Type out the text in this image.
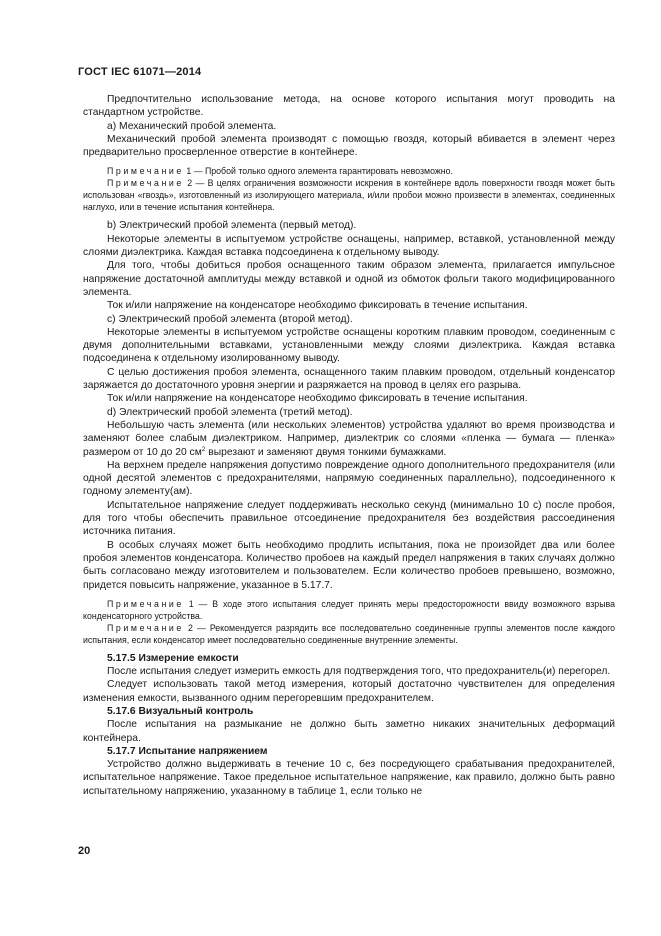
ГОСТ IEC 61071—2014

Предпочтительно использование метода, на основе которого испытания могут проводить на стандартном устройстве.

a) Механический пробой элемента.

Механический пробой элемента производят с помощью гвоздя, который вбивается в элемент через предварительно просверленное отверстие в контейнере.

Примечание 1 — Пробой только одного элемента гарантировать невозможно.

Примечание 2 — В целях ограничения возможности искрения в контейнере вдоль поверхности гвоздя может быть использован «гвоздь», изготовленный из изолирующего материала, и/или пробои можно произвести в элементах, соединенных наглухо, или в течение испытания контейнера.

b) Электрический пробой элемента (первый метод).

Некоторые элементы в испытуемом устройстве оснащены, например, вставкой, установленной между слоями диэлектрика. Каждая вставка подсоединена к отдельному выводу.

Для того, чтобы добиться пробоя оснащенного таким образом элемента, прилагается импульсное напряжение достаточной амплитуды между вставкой и одной из обмоток фольги такого модифицированного элемента.

Ток и/или напряжение на конденсаторе необходимо фиксировать в течение испытания.

c) Электрический пробой элемента (второй метод).

Некоторые элементы в испытуемом устройстве оснащены коротким плавким проводом, соединенным с двумя дополнительными вставками, установленными между слоями диэлектрика. Каждая вставка подсоединена к отдельному изолированному выводу.

С целью достижения пробоя элемента, оснащенного таким плавким проводом, отдельный конденсатор заряжается до достаточного уровня энергии и разряжается на провод в целях его разрыва.

Ток и/или напряжение на конденсаторе необходимо фиксировать в течение испытания.

d) Электрический пробой элемента (третий метод).

Небольшую часть элемента (или нескольких элементов) устройства удаляют во время производства и заменяют более слабым диэлектриком. Например, диэлектрик со слоями «пленка — бумага — пленка» размером от 10 до 20 $см^2$ вырезают и заменяют двумя тонкими бумажками.

На верхнем пределе напряжения допустимо повреждение одного дополнительного предохранителя (или одной десятой элементов с предохранителями, напрямую соединенных параллельно), подсоединенного к годному элементу(ам).

Испытательное напряжение следует поддерживать несколько секунд (минимально 10 с) после пробоя, для того чтобы обеспечить правильное отсоединение предохранителя без воздействия рассоединения источника питания.

В особых случаях может быть необходимо продлить испытания, пока не произойдет два или более пробоя элементов конденсатора. Количество пробоев на каждый предел напряжения в таких случаях должно быть согласовано между изготовителем и пользователем. Если количество пробоев превышено, возможно, придется повысить напряжение, указанное в 5.17.7.

Примечание 1 — В ходе этого испытания следует принять меры предосторожности ввиду возможного взрыва конденсаторного устройства.

Примечание 2 — Рекомендуется разрядить все последовательно соединенные группы элементов после каждого испытания, если конденсатор имеет последовательно соединенные внутренние элементы.

5.17.5 Измерение емкости

После испытания следует измерить емкость для подтверждения того, что предохранитель(и) перегорел.

Следует использовать такой метод измерения, который достаточно чувствителен для определения изменения емкости, вызванного одним перегоревшим предохранителем.

5.17.6 Визуальный контроль

После испытания на размыкание не должно быть заметно никаких значительных деформаций контейнера.

5.17.7 Испытание напряжением

Устройство должно выдерживать в течение 10 с, без посредующего срабатывания предохранителей, испытательное напряжение. Такое предельное испытательное напряжение, как правило, должно быть равно испытательному напряжению, указанному в таблице 1, если только не

20
